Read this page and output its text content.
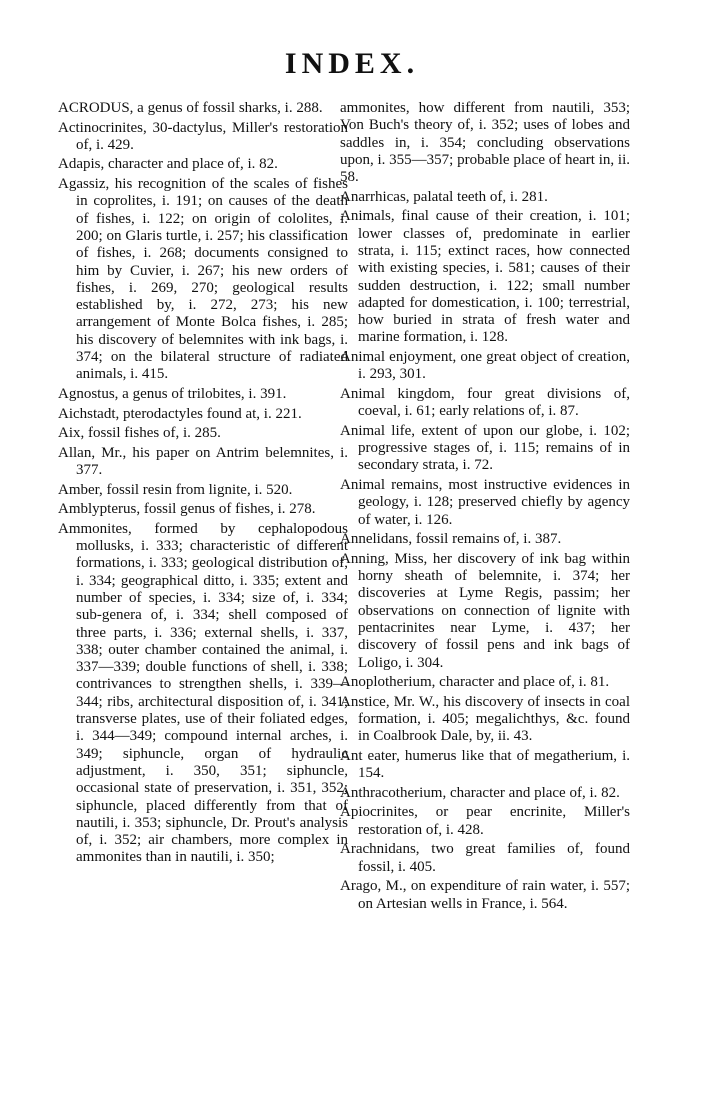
INDEX.

ACRODUS, a genus of fossil sharks, i. 288.

Actinocrinites, 30-dactylus, Miller's restoration of, i. 429.

Adapis, character and place of, i. 82.

Agassiz, his recognition of the scales of fishes in coprolites, i. 191; on causes of the death of fishes, i. 122; on origin of cololites, i. 200; on Glaris turtle, i. 257; his classification of fishes, i. 268; documents consigned to him by Cuvier, i. 267; his new orders of fishes, i. 269, 270; geological results established by, i. 272, 273; his new arrangement of Monte Bolca fishes, i. 285; his discovery of belemnites with ink bags, i. 374; on the bilateral structure of radiated animals, i. 415.

Agnostus, a genus of trilobites, i. 391.

Aichstadt, pterodactyles found at, i. 221.

Aix, fossil fishes of, i. 285.

Allan, Mr., his paper on Antrim belemnites, i. 377.

Amber, fossil resin from lignite, i. 520.

Amblypterus, fossil genus of fishes, i. 278.

Ammonites, formed by cephalopodous mollusks, i. 333; characteristic of different formations, i. 333; geological distribution of, i. 334; geographical ditto, i. 335; extent and number of species, i. 334; size of, i. 334; sub-genera of, i. 334; shell composed of three parts, i. 336; external shells, i. 337, 338; outer chamber contained the animal, i. 337—339; double functions of shell, i. 338; contrivances to strengthen shells, i. 339—344; ribs, architectural disposition of, i. 341; transverse plates, use of their foliated edges, i. 344—349; compound internal arches, i. 349; siphuncle, organ of hydraulic adjustment, i. 350, 351; siphuncle, occasional state of preservation, i. 351, 352; siphuncle, placed differently from that of nautili, i. 353; siphuncle, Dr. Prout's analysis of, i. 352; air chambers, more complex in ammonites than in nautili, i. 350;

ammonites, how different from nautili, 353; Von Buch's theory of, i. 352; uses of lobes and saddles in, i. 354; concluding observations upon, i. 355—357; probable place of heart in, ii. 58.

Anarrhicas, palatal teeth of, i. 281.

Animals, final cause of their creation, i. 101; lower classes of, predominate in earlier strata, i. 115; extinct races, how connected with existing species, i. 581; causes of their sudden destruction, i. 122; small number adapted for domestication, i. 100; terrestrial, how buried in strata of fresh water and marine formation, i. 128.

Animal enjoyment, one great object of creation, i. 293, 301.

Animal kingdom, four great divisions of, coeval, i. 61; early relations of, i. 87.

Animal life, extent of upon our globe, i. 102; progressive stages of, i. 115; remains of in secondary strata, i. 72.

Animal remains, most instructive evidences in geology, i. 128; preserved chiefly by agency of water, i. 126.

Annelidans, fossil remains of, i. 387.

Anning, Miss, her discovery of ink bag within horny sheath of belemnite, i. 374; her discoveries at Lyme Regis, passim; her observations on connection of lignite with pentacrinites near Lyme, i. 437; her discovery of fossil pens and ink bags of Loligo, i. 304.

Anoplotherium, character and place of, i. 81.

Anstice, Mr. W., his discovery of insects in coal formation, i. 405; megalichthys, &c. found in Coalbrook Dale, by, ii. 43.

Ant eater, humerus like that of megatherium, i. 154.

Anthracotherium, character and place of, i. 82.

Apiocrinites, or pear encrinite, Miller's restoration of, i. 428.

Arachnidans, two great families of, found fossil, i. 405.

Arago, M., on expenditure of rain water, i. 557; on Artesian wells in France, i. 564.
